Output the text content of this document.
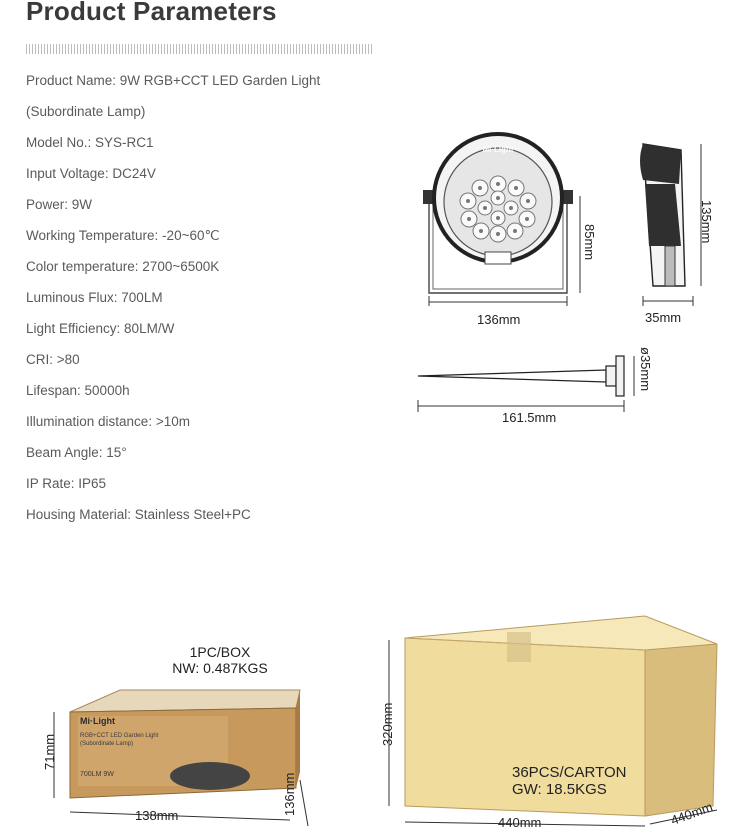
Product Parameters
Product Name: 9W RGB+CCT LED Garden Light
(Subordinate Lamp)
Model No.: SYS-RC1
Input Voltage: DC24V
Power: 9W
Working Temperature: -20~60℃
Color temperature: 2700~6500K
Luminous Flux: 700LM
Light Efficiency: 80LM/W
CRI: >80
Lifespan: 50000h
Illumination distance: >10m
Beam Angle: 15°
IP Rate: IP65
Housing Material: Stainless Steel+PC
Mi·Light
136mm
85mm
35mm
135mm
161.5mm
ø35mm
1PC/BOX
NW: 0.487KGS
Mi·Light
RGB+CCT LED Garden Light
(Subordinate Lamp)
700LM 9W
138mm
71mm
136mm
320mm
440mm	440mm
36PCS/CARTON
GW: 18.5KGS
